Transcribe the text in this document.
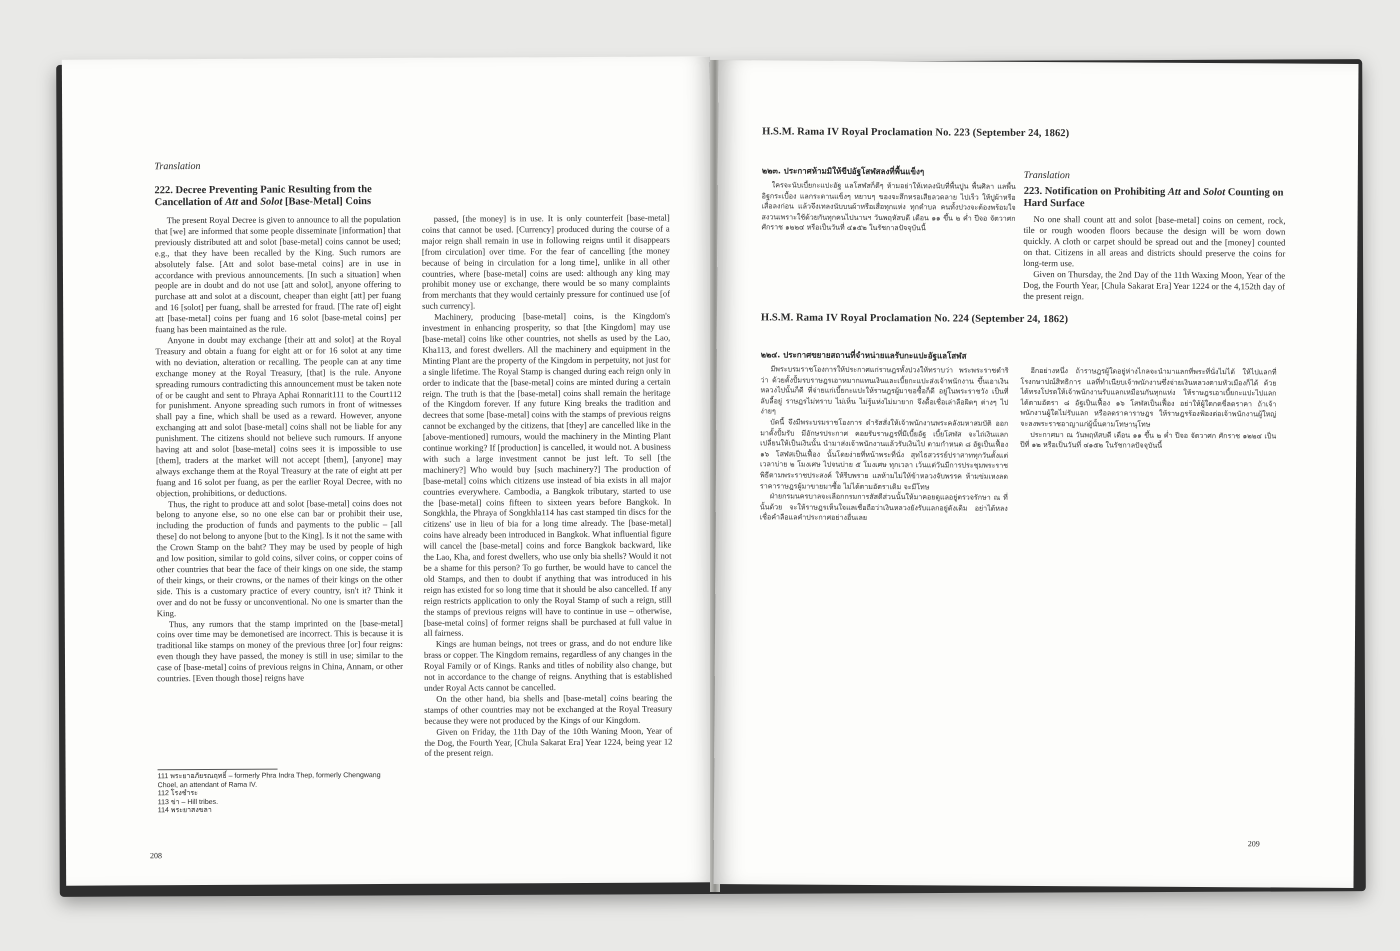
Translation
222. Decree Preventing Panic Resulting from the Cancellation of Att and Solot [Base-Metal] Coins

The present Royal Decree is given to announce to all the population that [we] are informed that some people disseminate [information] that previously distributed att and solot [base-metal] coins cannot be used; e.g., that they have been recalled by the King. Such rumors are absolutely false. [Att and solot base-metal coins] are in use in accordance with previous announcements. [In such a situation] when people are in doubt and do not use [att and solot], anyone offering to purchase att and solot at a discount, cheaper than eight [att] per fuang and 16 [solot] per fuang, shall be arrested for fraud. [The rate of] eight att [base-metal] coins per fuang and 16 solot [base-metal coins] per fuang has been maintained as the rule.

Anyone in doubt may exchange [their att and solot] at the Royal Treasury and obtain a fuang for eight att or for 16 solot at any time with no deviation, alteration or recalling. The people can at any time exchange money at the Royal Treasury, [that] is the rule. Anyone spreading rumours contradicting this announcement must be taken note of or be caught and sent to Phraya Aphai Ronnarit111 to the Court112 for punishment. Anyone spreading such rumors in front of witnesses shall pay a fine, which shall be used as a reward. However, anyone exchanging att and solot [base-metal] coins shall not be liable for any punishment. The citizens should not believe such rumours. If anyone having att and solot [base-metal] coins sees it is impossible to use [them], traders at the market will not accept [them], [anyone] may always exchange them at the Royal Treasury at the rate of eight att per fuang and 16 solot per fuang, as per the earlier Royal Decree, with no objection, prohibitions, or deductions.

Thus, the right to produce att and solot [base-metal] coins does not belong to anyone else, so no one else can bar or prohibit their use, including the production of funds and payments to the public – [all these] do not belong to anyone [but to the King]. Is it not the same with the Crown Stamp on the baht? They may be used by people of high and low position, similar to gold coins, silver coins, or copper coins of other countries that bear the face of their kings on one side, the stamp of their kings, or their crowns, or the names of their kings on the other side. This is a customary practice of every country, isn't it? Think it over and do not be fussy or unconventional. No one is smarter than the King.

Thus, any rumors that the stamp imprinted on the [base-metal] coins over time may be demonetised are incorrect. This is because it is traditional like stamps on money of the previous three [or] four reigns: even though they have passed, the money is still in use; similar to the case of [base-metal] coins of previous reigns in China, Annam, or other countries. [Even though those] reigns have

passed, [the money] is in use. It is only counterfeit [base-metal] coins that cannot be used. [Currency] produced during the course of a major reign shall remain in use in following reigns until it disappears [from circulation] over time. For the fear of cancelling [the money because of being in circulation for a long time], unlike in all other countries, where [base-metal] coins are used: although any king may prohibit money use or exchange, there would be so many complaints from merchants that they would certainly pressure for continued use [of such currency].

Machinery, producing [base-metal] coins, is the Kingdom's investment in enhancing prosperity, so that [the Kingdom] may use [base-metal] coins like other countries, not shells as used by the Lao, Kha113, and forest dwellers. All the machinery and equipment in the Minting Plant are the property of the Kingdom in perpetuity, not just for a single lifetime. The Royal Stamp is changed during each reign only in order to indicate that the [base-metal] coins are minted during a certain reign. The truth is that the [base-metal] coins shall remain the heritage of the Kingdom forever. If any future King breaks the tradition and decrees that some [base-metal] coins with the stamps of previous reigns cannot be exchanged by the citizens, that [they] are cancelled like in the [above-mentioned] rumours, would the machinery in the Minting Plant continue working? If [production] is cancelled, it would not. A business with such a large investment cannot be just left. To sell [the machinery?] Who would buy [such machinery?] The production of [base-metal] coins which citizens use instead of bia exists in all major countries everywhere. Cambodia, a Bangkok tributary, started to use the [base-metal] coins fifteen to sixteen years before Bangkok. In Songkhla, the Phraya of Songkhla114 has cast stamped tin discs for the citizens' use in lieu of bia for a long time already. The [base-metal] coins have already been introduced in Bangkok. What influential figure will cancel the [base-metal] coins and force Bangkok backward, like the Lao, Kha, and forest dwellers, who use only bia shells? Would it not be a shame for this person? To go further, be would have to cancel the old Stamps, and then to doubt if anything that was introduced in his reign has existed for so long time that it should be also cancelled. If any reign restricts application to only the Royal Stamp of such a reign, still the stamps of previous reigns will have to continue in use – otherwise, [base-metal coins] of former reigns shall be purchased at full value in all fairness.

Kings are human beings, not trees or grass, and do not endure like brass or copper. The Kingdom remains, regardless of any changes in the Royal Family or of Kings. Ranks and titles of nobility also change, but not in accordance to the change of reigns. Anything that is established under Royal Acts cannot be cancelled.

On the other hand, bia shells and [base-metal] coins bearing the stamps of other countries may not be exchanged at the Royal Treasury because they were not produced by the Kings of our Kingdom.

Given on Friday, the 11th Day of the 10th Waning Moon, Year of the Dog, the Fourth Year, [Chula Sakarat Era] Year 1224, being year 12 of the present reign.

111 พระยาอภัยรณฤทธิ์ – formerly Phra Indra Thep, formerly Chengwang Choel, an attendant of Rama IV.
112 โรงชำระ
113 ข่า – Hill tribes.
114 พระยาสงขลา
208
H.S.M. Rama IV Royal Proclamation No. 223 (September 24, 1862)
๒๒๓. ประกาศห้ามมิให้ขีปอัฐโสฬสลงที่พื้นแข็งๆ

ใครจะนับเบี้ยกะแปะอัฐ แลโสฬสก็ดีๆ ห้ามอย่าให้เทลงนับที่พื้นปูน พื้นศิลา แลพื้นอิฐกระเบื้อง แลกระดานแข็งๆ หยาบๆ ของจะสึกหรอเสียลวดลาย ไปเร็ว ให้ปูผ้าหรือเสื่อลงก่อน แล้วจึงเทลงนับบนผ้าหรือเสื่อทุกแห่ง ทุกตำบล คนทั้งปวงจะต้องพร้อมใจสงวนเพราะใช้ด้วยกันทุกคนไปนานฯ วันพฤหัสบดี เดือน ๑๑ ขึ้น ๒ ค่ำ ปีจอ จัตวาศก ศักราช ๑๒๒๔ หรือเป็นวันที่ ๔๑๕๒ ในรัชกาลปัจจุบันนี้

Translation
223. Notification on Prohibiting Att and Solot Counting on Hard Surface

No one shall count att and solot [base-metal] coins on cement, rock, tile or rough wooden floors because the design will be worn down quickly. A cloth or carpet should be spread out and the [money] counted on that. Citizens in all areas and districts should preserve the coins for long-term use.

Given on Thursday, the 2nd Day of the 11th Waxing Moon, Year of the Dog, the Fourth Year, [Chula Sakarat Era] Year 1224 or the 4,152th day of the present reign.

H.S.M. Rama IV Royal Proclamation No. 224 (September 24, 1862)
๒๒๔. ประกาศขยายสถานที่จำหน่ายแลรับกะแปะอัฐแลโสฬส

มีพระบรมราชโองการให้ประกาศแก่ราษฎรทั้งปวงให้ทราบว่า พระพระราชดำริว่า ด้วยตั้งปั้มรบราษฎรเอาหมากแทนเงินและเบี้ยกะแปะส่งเจ้าพนักงาน ขึ้นเอาเงินหลวงไปนั้นก็ดี ที่จ่ายแก่เบี้ยกะแปะให้ราษฎรผู้มาขอซื้อก็ดี อยู่ในพระราชวัง เป็นที่ลับลี้อยู่ ราษฎรไม่ทราบ ไม่เห็น ไม่รู้แห่งไม่มายาก จึงดื้อเชื่อเล่าลือผิดๆ ต่างๆ ไปง่ายๆ

บัดนี้ จึงมีพระบรมราชโองการ ดำรัสสั่งให้เจ้าพนักงานพระคลังมหาสมบัติ ออกมาตั้งปั้มรับ มีอักษรประกาศ คอยรับราษฎรที่มีเบี้ยอัฐ เบี้ยโสฬส จะไถ่เงินแลกเปลี่ยนให้เป็นเงินนั้น นำมาส่งเจ้าพนักงานแล้วรับเงินไป ตามกำหนด ๘ อัฐเป็นเฟื้อง ๑๖ โสฬสเป็นเฟื้อง นั้นโดยง่ายที่หน้าพระที่นั่ง สุทไธสวรรย์ปราสาททุกวันตั้งแต่เวลาบ่าย ๒ โมงเศษ ไปจนบ่าย ๕ โมงเศษ ทุกเวลา เว้นแต่วันมีการประชุมพระราชพิธีตามพระราชประสงค์ ให้รีบพราย แลห้ามไม่ให้ข้าหลวงจับพรรค ห้ามข่มเหงลดราคาราษฎรผู้มาขายมาซื้อ ไม่ได้ตามอัตราเดิม จะมีโทษ

ฝ่ายกรมนครบาลจะเลือกกรมการสัสดีส่วนนั้นให้มาคอยดูแลอยู่ตรวจรักษา ณ ที่นั้นด้วย จะให้ราษฎรเห็นใจแลเชื่อถือว่าเงินหลวงยังรับแลกอยู่ดังเดิม อย่าได้หลงเชื่อคำลือแลคำประกาศอย่างอื่นเลย

อีกอย่างหนึ่ง ถ้าราษฎรผู้ใดอยู่ห่างไกลจะนำมาแลกที่พระที่นั่งไม่ได้ ให้ไปแลกที่โรงกษาปณ์สิทธิการ แลที่ทำเนียบเจ้าพนักงานซึ่งจ่ายเงินหลวงตามหัวเมืองก็ได้ ด้วยได้ทรงโปรดให้เจ้าพนักงานรับแลกเหมือนกันทุกแห่ง ให้ราษฎรเอาเบี้ยกะแปะไปแลกได้ตามอัตรา ๘ อัฐเป็นเฟื้อง ๑๖ โสฬสเป็นเฟื้อง อย่าให้ผู้ใดกดขี่ลดราคา ถ้าเจ้าพนักงานผู้ใดไม่รับแลก หรือลดราคาราษฎร ให้ราษฎรร้องฟ้องต่อเจ้าพนักงานผู้ใหญ่ จะลงพระราชอาญาแก่ผู้นั้นตามโทษานุโทษ

ประกาศมา ณ วันพฤหัสบดี เดือน ๑๑ ขึ้น ๒ ค่ำ ปีจอ จัตวาศก ศักราช ๑๒๒๔ เป็นปีที่ ๑๒ หรือเป็นวันที่ ๔๑๕๒ ในรัชกาลปัจจุบันนี้

209
